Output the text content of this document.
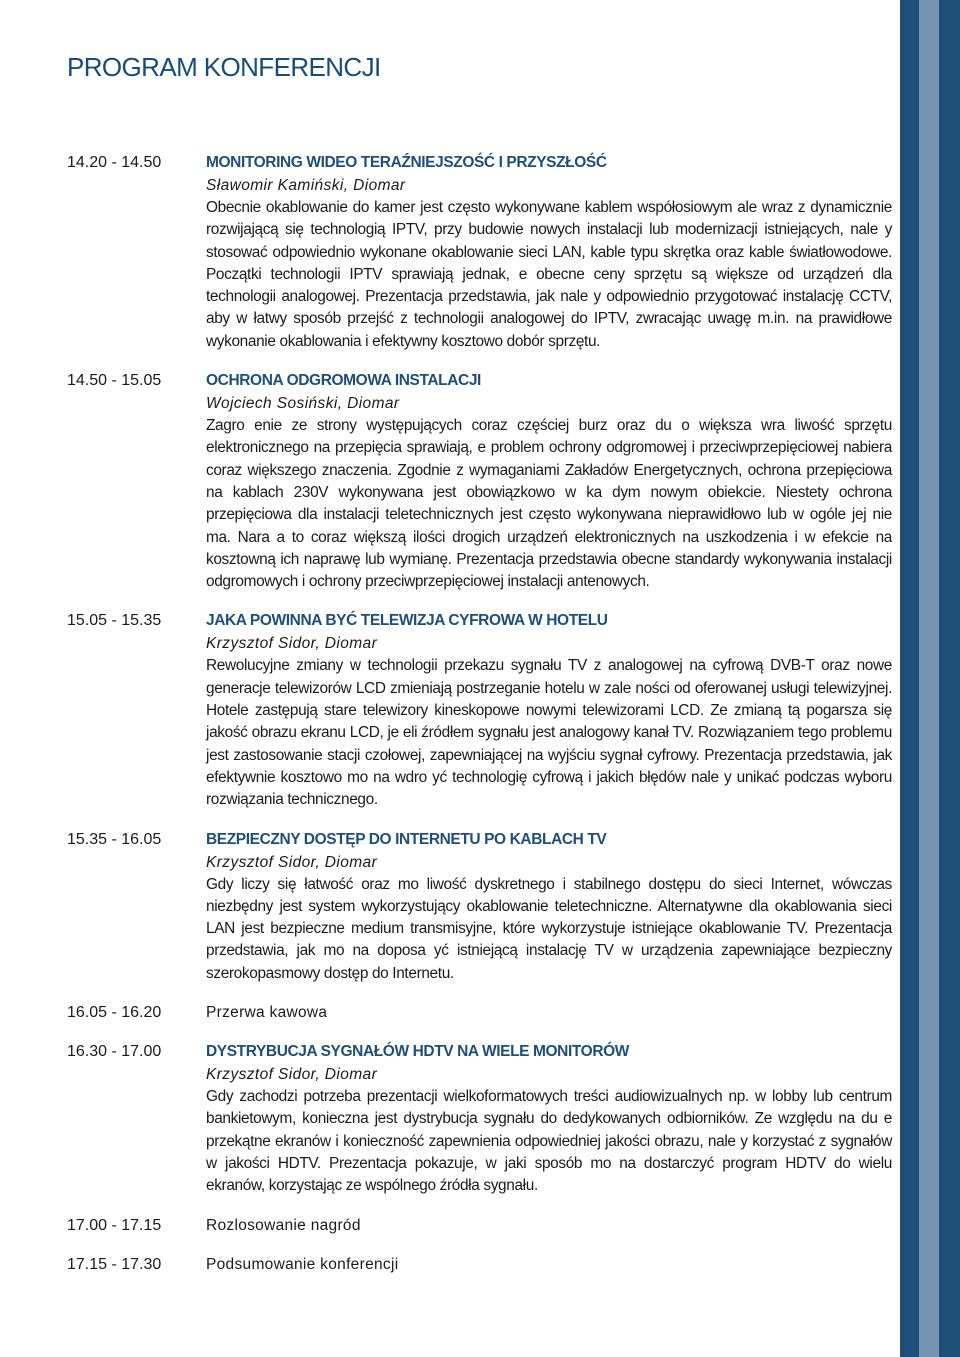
PROGRAM KONFERENCJI
14.20 - 14.50	MONITORING WIDEO TERAŹNIEJSZOŚĆ I PRZYSZŁOŚĆ
Sławomir Kamiński, Diomar

Obecnie okablowanie do kamer jest często wykonywane kablem współosiowym ale wraz z dynamicznie rozwijającą się technologią IPTV, przy budowie nowych instalacji lub modernizacji istniejących, nale y stosować odpowiednio wykonane okablowanie sieci LAN, kable typu skrętka oraz kable światłowodowe. Początki technologii IPTV sprawiają jednak, e obecne ceny sprzętu są większe od urządzeń dla technologii analogowej. Prezentacja przedstawia, jak nale y odpowiednio przygotować instalację CCTV, aby w łatwy sposób przejść z technologii analogowej do IPTV, zwracając uwagę m.in. na prawidłowe wykonanie okablowania i efektywny kosztowo dobór sprzętu.

14.50 - 15.05	OCHRONA ODGROMOWA INSTALACJI
Wojciech Sosiński, Diomar

Zagro enie ze strony występujących coraz częściej burz oraz du o większa wra liwość sprzętu elektronicznego na przepięcia sprawiają, e problem ochrony odgromowej i przeciwprzepięciowej nabiera coraz większego znaczenia. Zgodnie z wymaganiami Zakładów Energetycznych, ochrona przepięciowa na kablach 230V wykonywana jest obowiązkowo w ka dym nowym obiekcie. Niestety ochrona przepięciowa dla instalacji teletechnicznych jest często wykonywana nieprawidłowo lub w ogóle jej nie ma. Nara a to coraz większą ilości drogich urządzeń elektronicznych na uszkodzenia i w efekcie na kosztowną ich naprawę lub wymianę. Prezentacja przedstawia obecne standardy wykonywania instalacji odgromowych i ochrony przeciwprzepięciowej instalacji antenowych.

15.05 - 15.35	JAKA POWINNA BYĆ TELEWIZJA CYFROWA W HOTELU
Krzysztof Sidor, Diomar

Rewolucyjne zmiany w technologii przekazu sygnału TV z analogowej na cyfrową DVB-T oraz nowe generacje telewizorów LCD zmieniają postrzeganie hotelu w zale ności od oferowanej usługi telewizyjnej. Hotele zastępują stare telewizory kineskopowe nowymi telewizorami LCD. Ze zmianą tą pogarsza się jakość obrazu ekranu LCD, je eli źródłem sygnału jest analogowy kanał TV. Rozwiązaniem tego problemu jest zastosowanie stacji czołowej, zapewniającej na wyjściu sygnał cyfrowy. Prezentacja przedstawia, jak efektywnie kosztowo mo na wdro yć technologię cyfrową i jakich błędów nale y unikać podczas wyboru rozwiązania technicznego.

15.35 - 16.05	BEZPIECZNY DOSTĘP DO INTERNETU PO KABLACH TV
Krzysztof Sidor, Diomar

Gdy liczy się łatwość oraz mo liwość dyskretnego i stabilnego dostępu do sieci Internet, wówczas niezbędny jest system wykorzystujący okablowanie teletechniczne. Alternatywne dla okablowania sieci LAN jest bezpieczne medium transmisyjne, które wykorzystuje istniejące okablowanie TV. Prezentacja przedstawia, jak mo na doposa yć istniejącą instalację TV w urządzenia zapewniające bezpieczny szerokopasmowy dostęp do Internetu.

16.05 - 16.20	Przerwa kawowa
16.30 - 17.00	DYSTRYBUCJA SYGNAŁÓW HDTV NA WIELE MONITORÓW
Krzysztof Sidor, Diomar

Gdy zachodzi potrzeba prezentacji wielkoformatowych treści audiowizualnych np. w lobby lub centrum bankietowym, konieczna jest dystrybucja sygnału do dedykowanych odbiorników. Ze względu na du e przekątne ekranów i konieczność zapewnienia odpowiedniej jakości obrazu, nale y korzystać z sygnałów w jakości HDTV. Prezentacja pokazuje, w jaki sposób mo na dostarczyć program HDTV do wielu ekranów, korzystając ze wspólnego źródła sygnału.

17.00 - 17.15	Rozlosowanie nagród
17.15 - 17.30	Podsumowanie konferencji
